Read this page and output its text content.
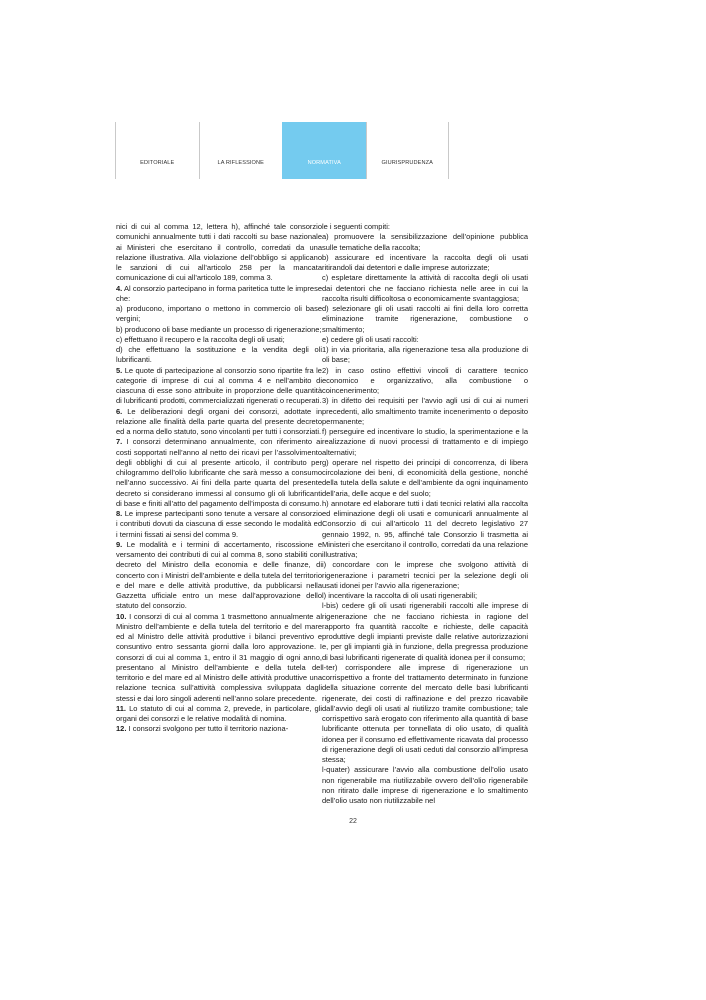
EDITORIALE	LA RIFLESSIONE	NORMATIVA	GIURISPRUDENZA

nici di cui al comma 12, lettera h), affinché tale consorzio comunichi annualmente tutti i dati raccolti su base nazionale ai Ministeri che esercitano il controllo, corredati da una relazione illustrativa. Alla violazione dell’obbligo si applicano le sanzioni di cui all’articolo 258 per la mancata comunicazione di cui all’articolo 189, comma 3.

4. Al consorzio partecipano in forma paritetica tutte le imprese che:

a) producono, importano o mettono in commercio oli base vergini;

b) producono oli base mediante un processo di rigenerazione;

c) effettuano il recupero e la raccolta degli oli usati;

d) che effettuano la sostituzione e la vendita degli oli lubrificanti.

5. Le quote di partecipazione al consorzio sono ripartite fra le categorie di imprese di cui al comma 4 e nell’ambito di ciascuna di esse sono attribuite in proporzione delle quantità di lubrificanti prodotti, commercializzati rigenerati o recuperati.

6. Le deliberazioni degli organi dei consorzi, adottate in relazione alle finalità della parte quarta del presente decreto ed a norma dello statuto, sono vincolanti per tutti i consorziati.

7. I consorzi determinano annualmente, con riferimento ai costi sopportati nell’anno al netto dei ricavi per l’assolvimento degli obblighi di cui al presente articolo, il contributo per chilogrammo dell’olio lubrificante che sarà messo a consumo nell’anno successivo. Ai fini della parte quarta del presente decreto si considerano immessi al consumo gli oli lubrificanti di base e finiti all’atto del pagamento dell’imposta di consumo.

8. Le imprese partecipanti sono tenute a versare al consorzio i contributi dovuti da ciascuna di esse secondo le modalità ed i termini fissati ai sensi del comma 9.

9. Le modalità e i termini di accertamento, riscossione e versamento dei contributi di cui al comma 8, sono stabiliti con decreto del Ministro della economia e delle finanze, di concerto con i Ministri dell’ambiente e della tutela del territorio e del mare e delle attività produttive, da pubblicarsi nella Gazzetta ufficiale entro un mese dall’approvazione dello statuto del consorzio.

10. I consorzi di cui al comma 1 trasmettono annualmente al Ministro dell’ambiente e della tutela del territorio e del mare ed al Ministro delle attività produttive i bilanci preventivo e consuntivo entro sessanta giorni dalla loro approvazione. I consorzi di cui al comma 1, entro il 31 maggio di ogni anno, presentano al Ministro dell’ambiente e della tutela del territorio e del mare ed al Ministro delle attività produttive una relazione tecnica sull’attività complessiva sviluppata dagli stessi e dai loro singoli aderenti nell’anno solare precedente.

11. Lo statuto di cui al comma 2, prevede, in particolare, gli organi dei consorzi e le relative modalità di nomina.

12. I consorzi svolgono per tutto il territorio naziona-

le i seguenti compiti:

a) promuovere la sensibilizzazione dell’opinione pubblica sulle tematiche della raccolta;

b) assicurare ed incentivare la raccolta degli oli usati ritirandoli dai detentori e dalle imprese autorizzate;

c) espletare direttamente la attività di raccolta degli oli usati dai detentori che ne facciano richiesta nelle aree in cui la raccolta risulti difficoltosa o economicamente svantaggiosa;

d) selezionare gli oli usati raccolti ai fini della loro corretta eliminazione tramite rigenerazione, combustione o smaltimento;

e) cedere gli oli usati raccolti:

1) in via prioritaria, alla rigenerazione tesa alla produzione di oli base;

2) in caso ostino effettivi vincoli di carattere tecnico economico e organizzativo, alla combustione o coincenerimento;

3) in difetto dei requisiti per l’avvio agli usi di cui ai numeri precedenti, allo smaltimento tramite incenerimento o deposito permanente;

f) perseguire ed incentivare lo studio, la sperimentazione e la realizzazione di nuovi processi di trattamento e di impiego alternativi;

g) operare nel rispetto dei principi di concorrenza, di libera circolazione dei beni, di economicità della gestione, nonché della tutela della salute e dell’ambiente da ogni inquinamento dell’aria, delle acque e del suolo;

h) annotare ed elaborare tutti i dati tecnici relativi alla raccolta ed eliminazione degli oli usati e comunicarli annualmente al Consorzio di cui all’articolo 11 del decreto legislativo 27 gennaio 1992, n. 95, affinché tale Consorzio li trasmetta ai Ministeri che esercitano il controllo, corredati da una relazione illustrativa;

i) concordare con le imprese che svolgono attività di rigenerazione i parametri tecnici per la selezione degli oli usati idonei per l’avvio alla rigenerazione;

l) incentivare la raccolta di oli usati rigenerabili;

l-bis) cedere gli oli usati rigenerabili raccolti alle imprese di rigenerazione che ne facciano richiesta in ragione del rapporto fra quantità raccolte e richieste, delle capacità produttive degli impianti previste dalle relative autorizzazioni e, per gli impianti già in funzione, della pregressa produzione di basi lubrificanti rigenerate di qualità idonea per il consumo;

l-ter) corrispondere alle imprese di rigenerazione un corrispettivo a fronte del trattamento determinato in funzione della situazione corrente del mercato delle basi lubrificanti rigenerate, dei costi di raffinazione e del prezzo ricavabile dall’avvio degli oli usati al riutilizzo tramite combustione; tale corrispettivo sarà erogato con riferimento alla quantità di base lubrificante ottenuta per tonnellata di olio usato, di qualità idonea per il consumo ed effettivamente ricavata dal processo di rigenerazione degli oli usati ceduti dal consorzio all’impresa stessa;

l-quater) assicurare l’avvio alla combustione dell’olio usato non rigenerabile ma riutilizzabile ovvero dell’olio rigenerabile non ritirato dalle imprese di rigenerazione e lo smaltimento dell’olio usato non riutilizzabile nel

22
